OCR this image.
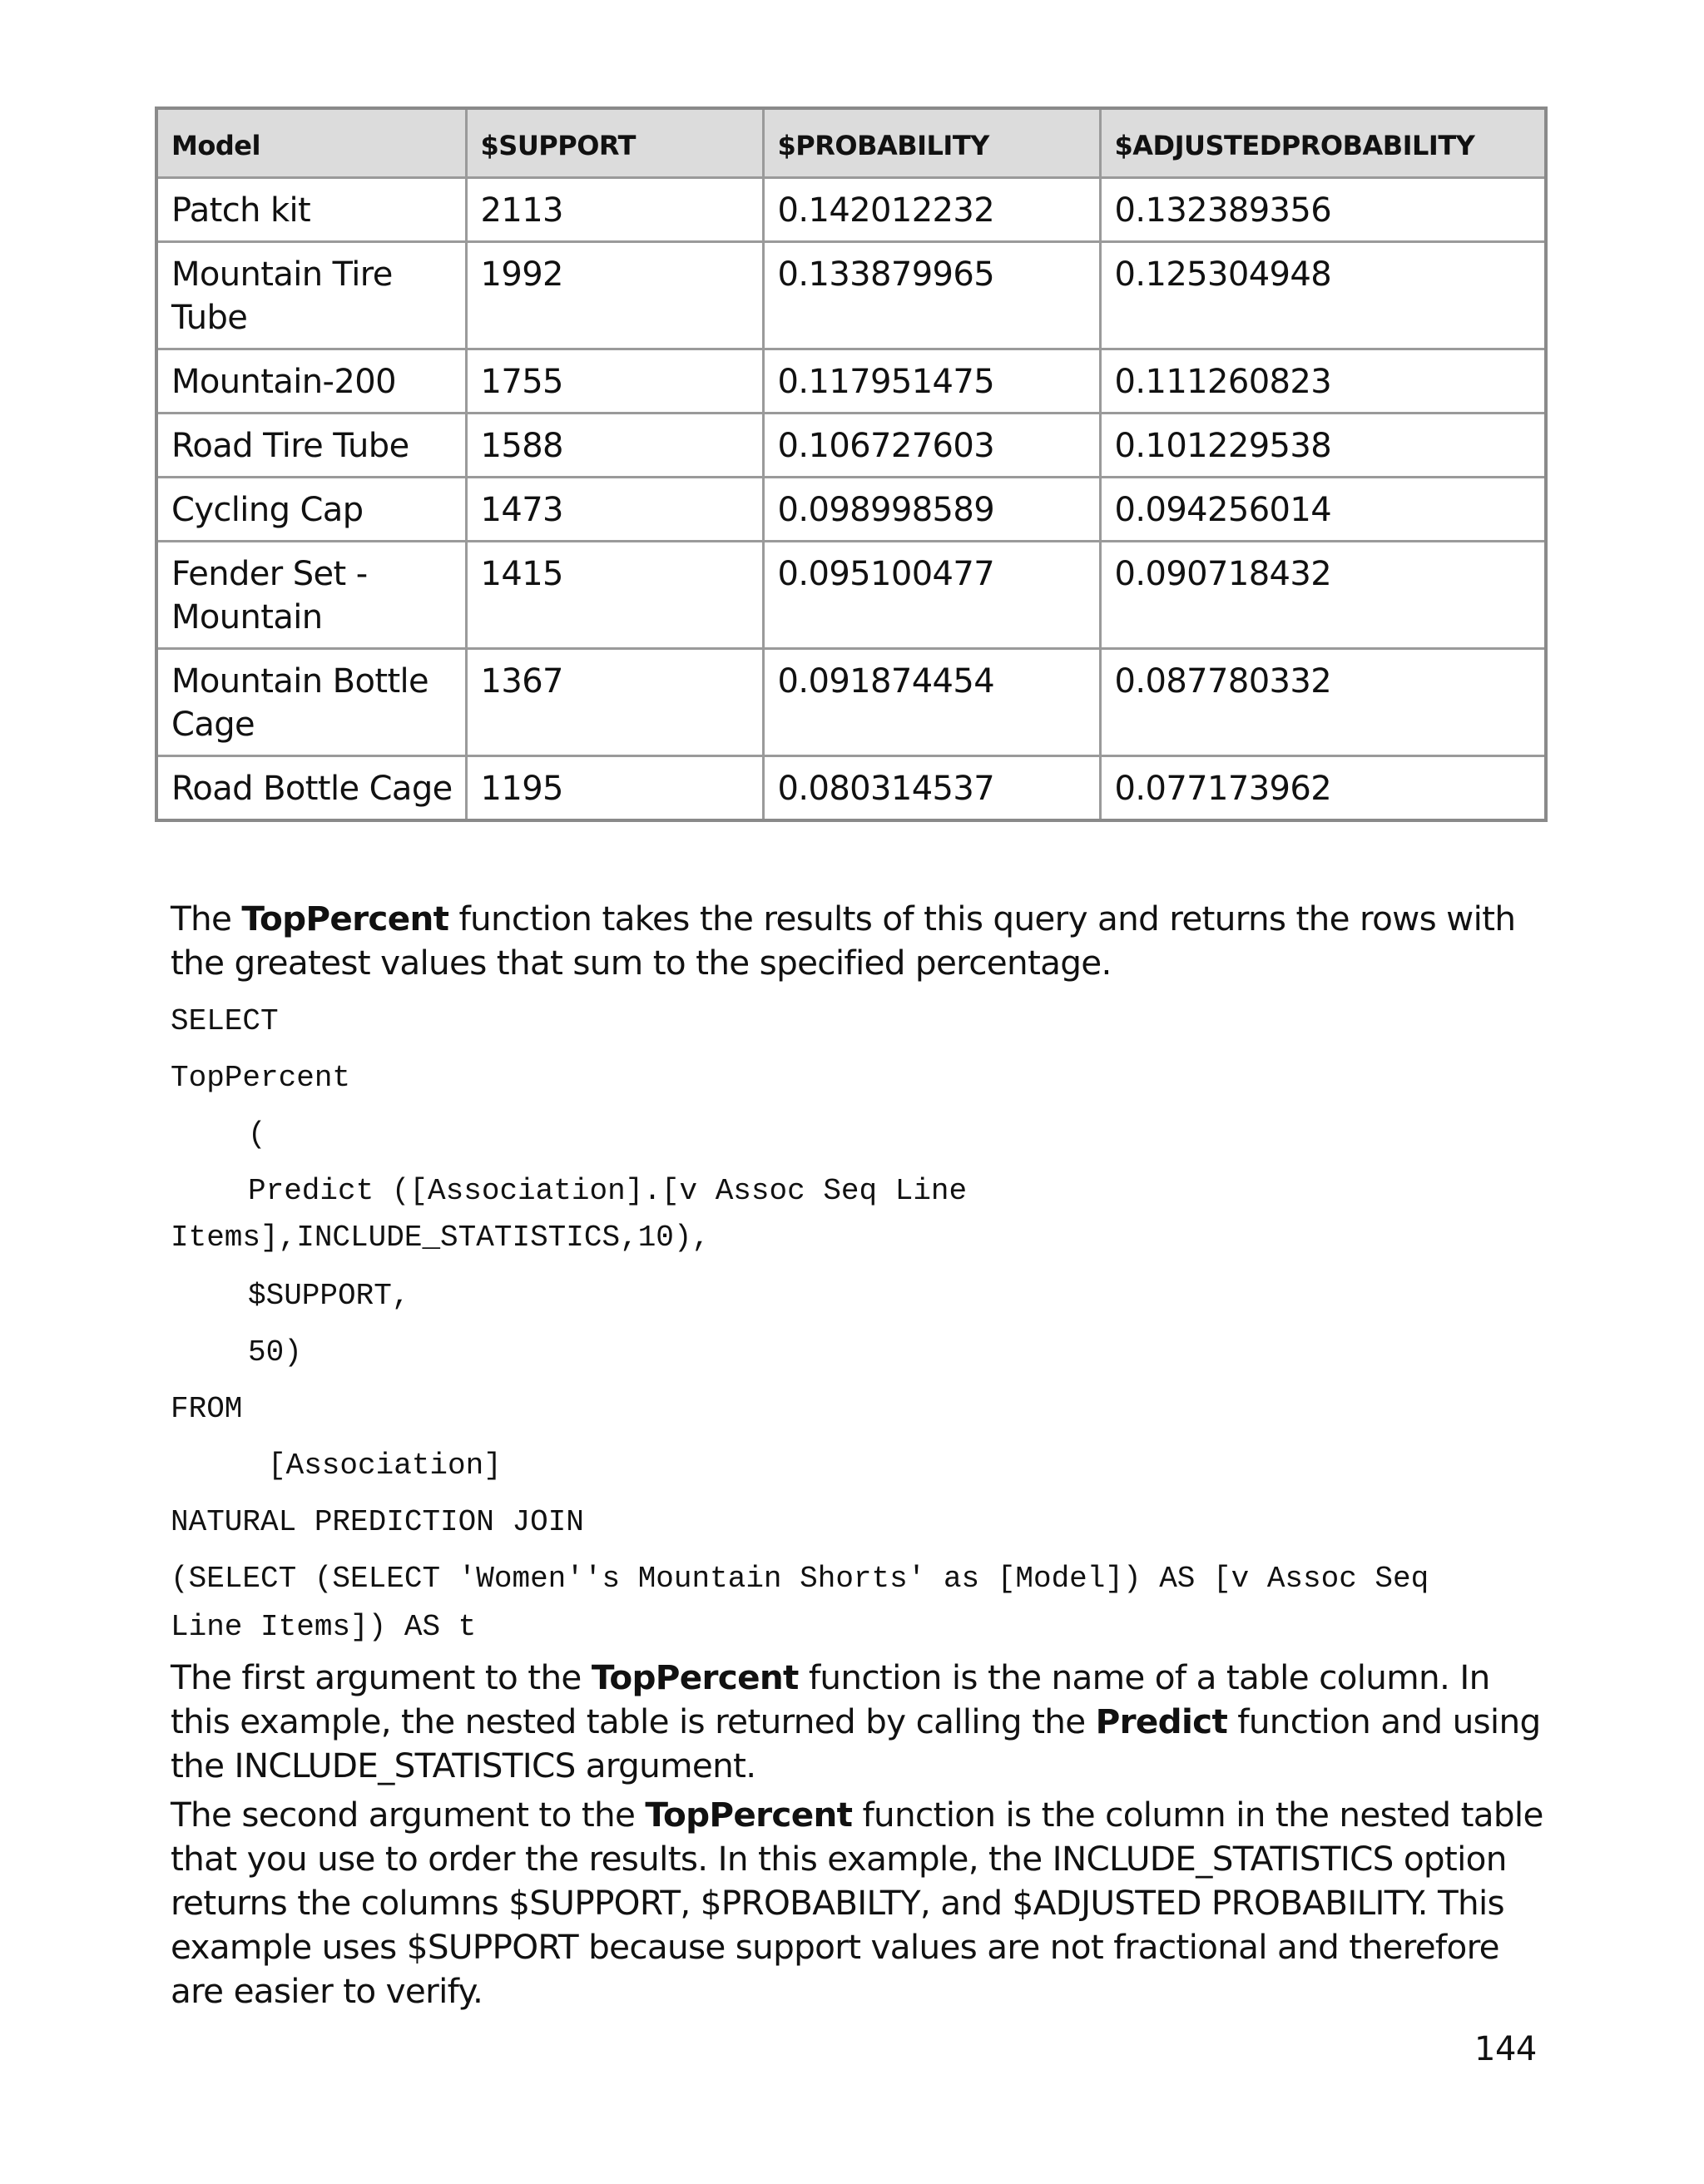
Model	$SUPPORT	$PROBABILITY	$ADJUSTEDPROBABILITY
Patch kit	2113	0.142012232	0.132389356
Mountain Tire Tube	1992	0.133879965	0.125304948
Mountain-200	1755	0.117951475	0.111260823
Road Tire Tube	1588	0.106727603	0.101229538
Cycling Cap	1473	0.098998589	0.094256014
Fender Set - Mountain	1415	0.095100477	0.090718432
Mountain Bottle Cage	1367	0.091874454	0.087780332
Road Bottle Cage	1195	0.080314537	0.077173962

The TopPercent function takes the results of this query and returns the rows with the greatest values that sum to the specified percentage.

SELECT
TopPercent
(
Predict ([Association].[v Assoc Seq Line
Items],INCLUDE_STATISTICS,10),
$SUPPORT,
50)
FROM
[Association]
NATURAL PREDICTION JOIN
(SELECT (SELECT 'Women''s Mountain Shorts' as [Model]) AS [v Assoc Seq
Line Items]) AS t

The first argument to the TopPercent function is the name of a table column. In this example, the nested table is returned by calling the Predict function and using the INCLUDE_STATISTICS argument.

The second argument to the TopPercent function is the column in the nested table that you use to order the results. In this example, the INCLUDE_STATISTICS option returns the columns $SUPPORT, $PROBABILTY, and $ADJUSTED PROBABILITY. This example uses $SUPPORT because support values are not fractional and therefore are easier to verify.

144
